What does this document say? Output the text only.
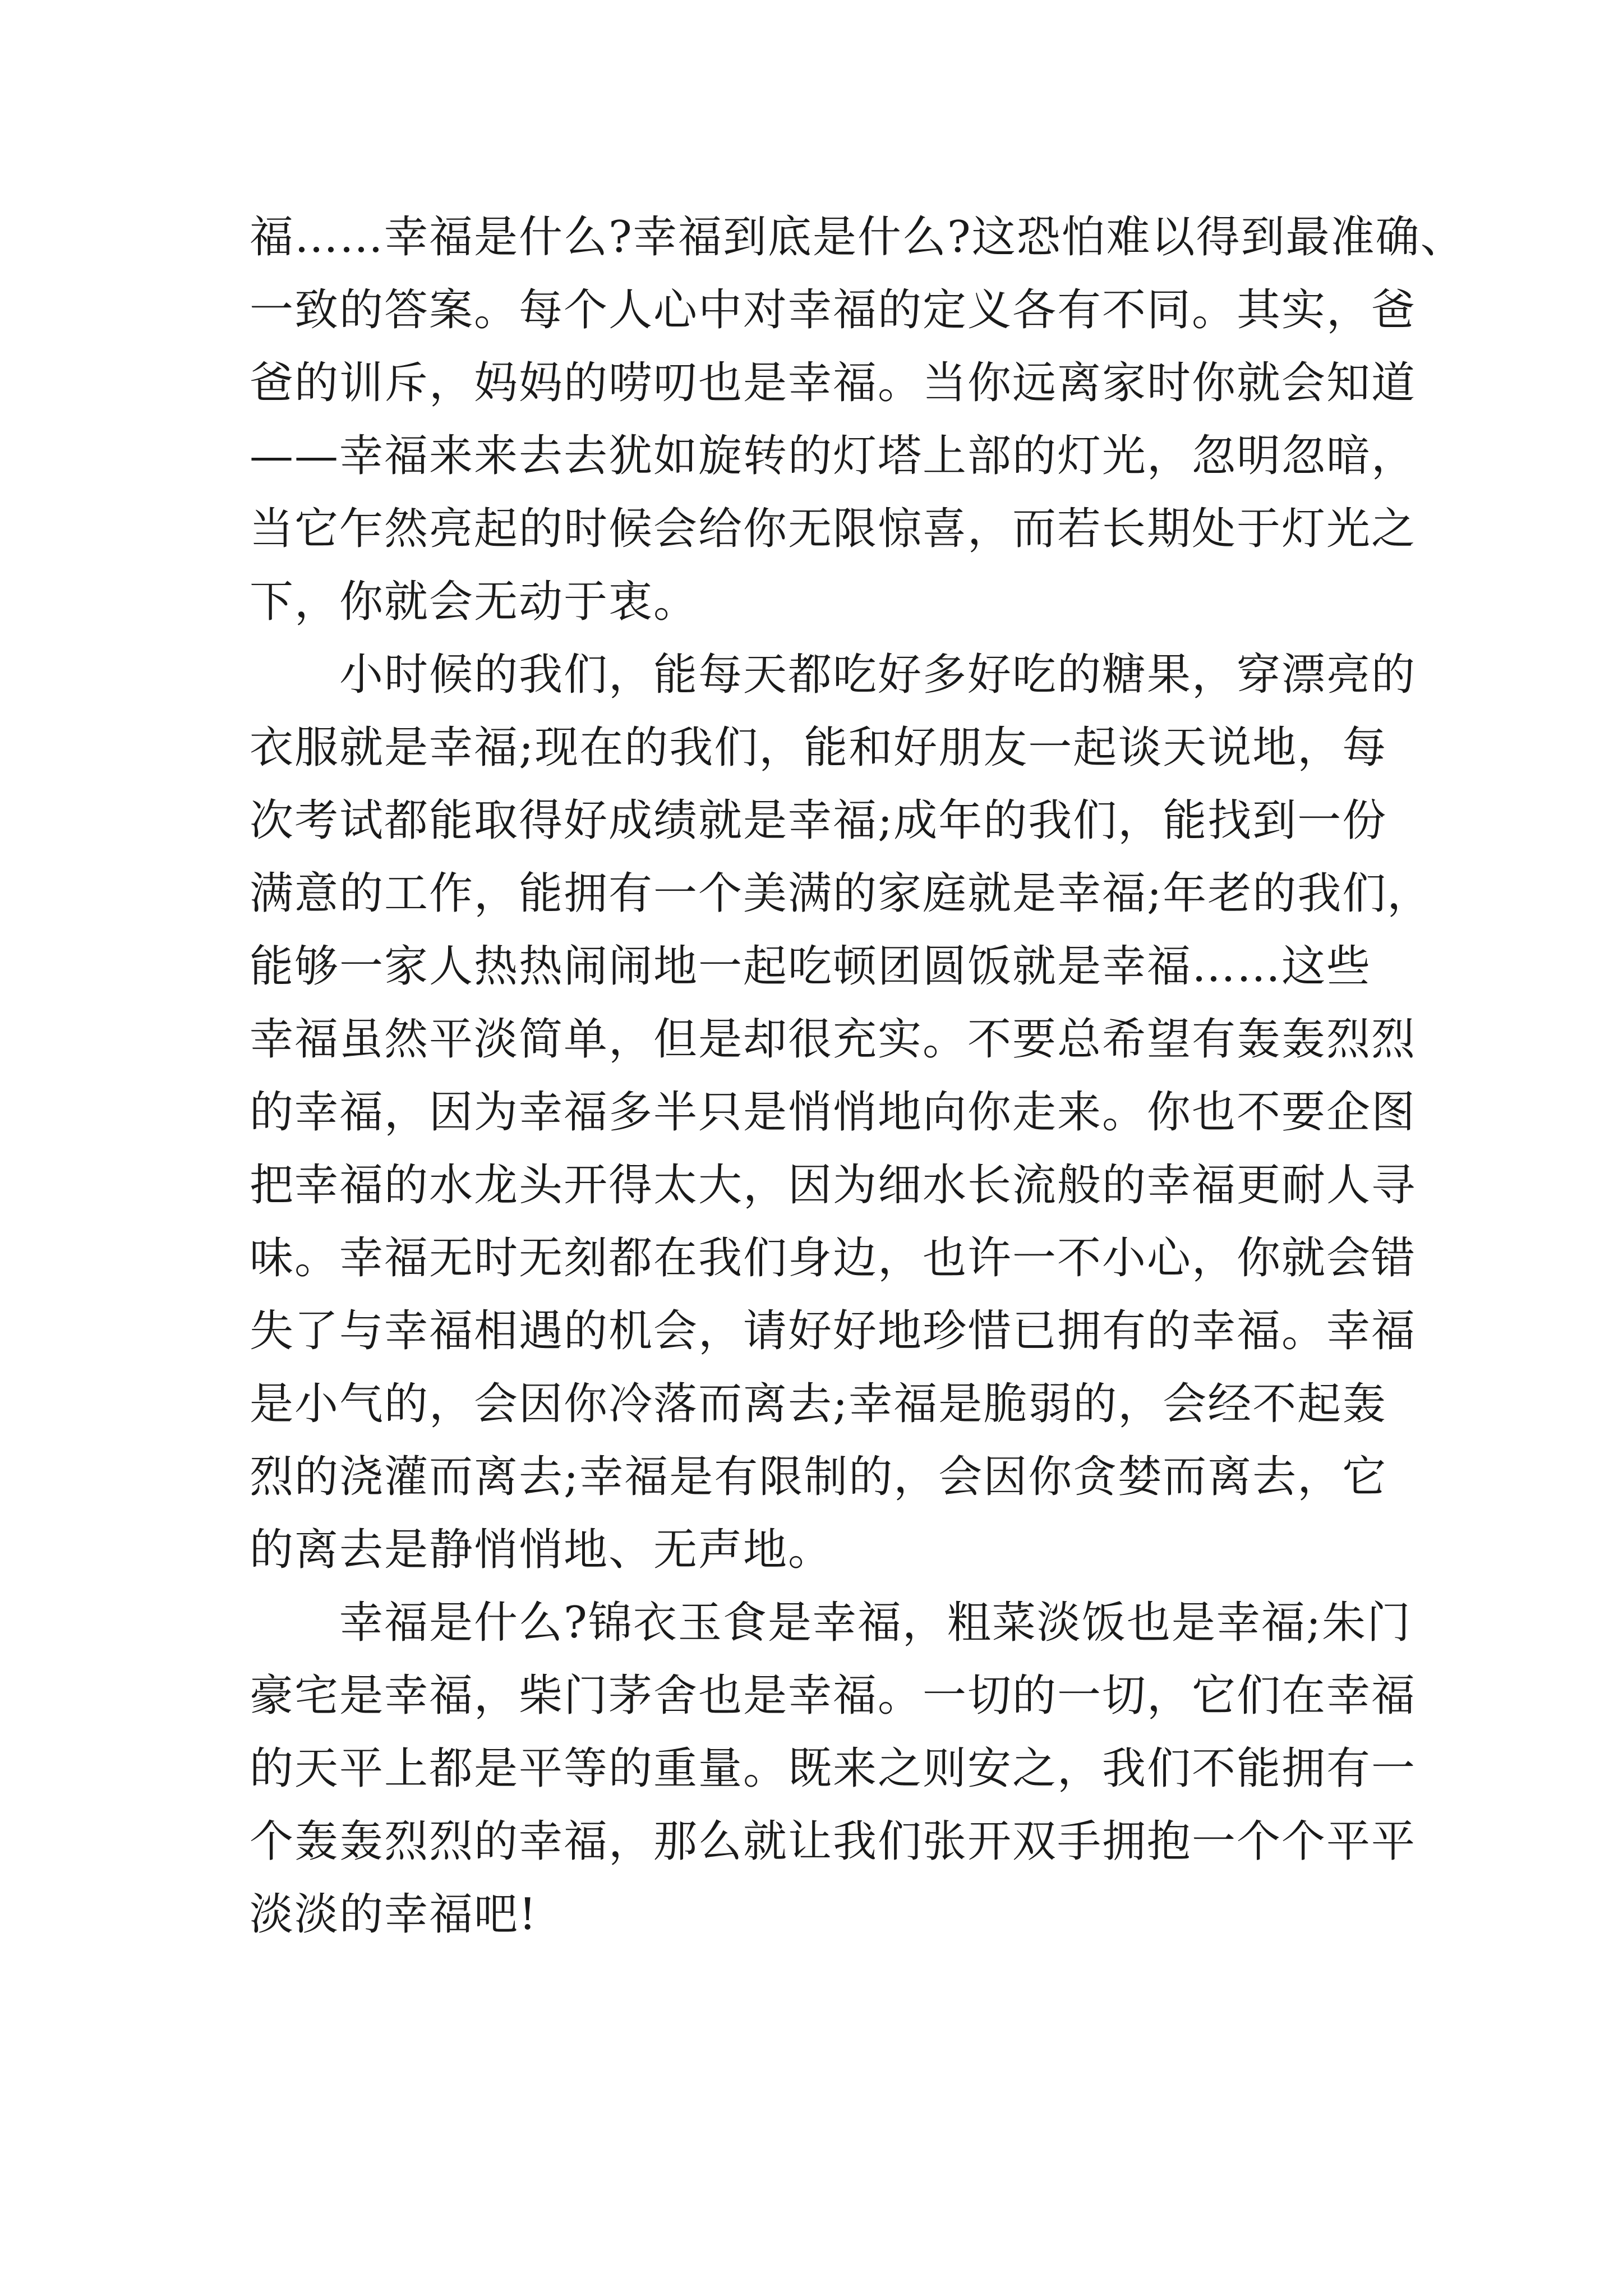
福……幸福是什么?幸福到底是什么?这恐怕难以得到最准确、
一致的答案。每个人心中对幸福的定义各有不同。其实，爸
爸的训斥，妈妈的唠叨也是幸福。当你远离家时你就会知道
——幸福来来去去犹如旋转的灯塔上部的灯光，忽明忽暗，
当它乍然亮起的时候会给你无限惊喜，而若长期处于灯光之
下，你就会无动于衷。
小时候的我们，能每天都吃好多好吃的糖果，穿漂亮的
衣服就是幸福;现在的我们，能和好朋友一起谈天说地，每
次考试都能取得好成绩就是幸福;成年的我们，能找到一份
满意的工作，能拥有一个美满的家庭就是幸福;年老的我们，
能够一家人热热闹闹地一起吃顿团圆饭就是幸福……这些
幸福虽然平淡简单，但是却很充实。不要总希望有轰轰烈烈
的幸福，因为幸福多半只是悄悄地向你走来。你也不要企图
把幸福的水龙头开得太大，因为细水长流般的幸福更耐人寻
味。幸福无时无刻都在我们身边，也许一不小心，你就会错
失了与幸福相遇的机会，请好好地珍惜已拥有的幸福。幸福
是小气的，会因你冷落而离去;幸福是脆弱的，会经不起轰
烈的浇灌而离去;幸福是有限制的，会因你贪婪而离去，它
的离去是静悄悄地、无声地。
幸福是什么?锦衣玉食是幸福，粗菜淡饭也是幸福;朱门
豪宅是幸福，柴门茅舍也是幸福。一切的一切，它们在幸福
的天平上都是平等的重量。既来之则安之，我们不能拥有一
个轰轰烈烈的幸福，那么就让我们张开双手拥抱一个个平平
淡淡的幸福吧!
